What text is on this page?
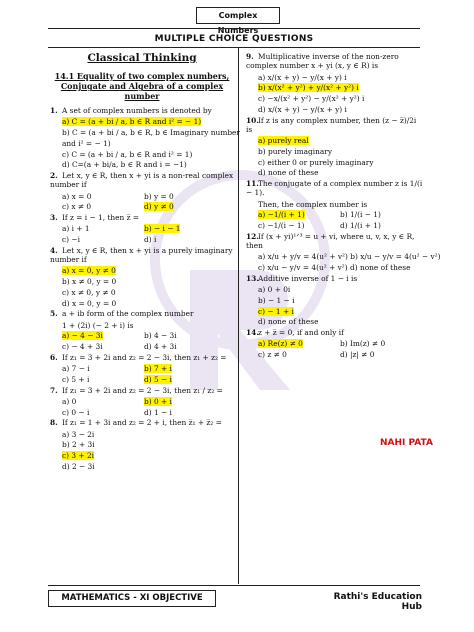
Complex Numbers
MULTIPLE CHOICE QUESTIONS
Classical Thinking
14.1 Equality of two complex numbers, Conjugate and Algebra of a complex number
1. A set of complex numbers is denoted by
a) C = (a + bi / a, b ∈ R and i² = − 1)
b) C = (a + bi / a, b ∈ R, b ∈ Imaginary number
and i² = − 1)
c) C = (a + bi / a, b ∈ R and i² = 1)
d) C=(a + bi/a, b ∈ R and i = −1)
2. Let x, y ∈ R, then x + yi is a non-real complex number if
a) x = 0	b) y = 0
c) x ≠ 0	d) y ≠ 0
3. If z = i − 1, then z̅ =
a) i + 1	b) − i − 1
c) −i	d) i
4. Let x, y ∈ R, then x + yi is a purely imaginary number if
a) x = 0, y ≠ 0
b) x ≠ 0, y = 0
c) x ≠ 0, y ≠ 0
d) x = 0, y = 0
5. a + ib form of the complex number
1 + (2i) (− 2 + i) is
a) − 4 − 3i	b) 4 − 3i
c) − 4 + 3i	d) 4 + 3i
6. If z₁ = 3 + 2i and z₂ = 2 − 3i, then z₁ + z₂ =
a) 7 − i	b) 7 + i
c) 5 + i	d) 5 − i
7. If z₁ = 3 + 2i and z₂ = 2 − 3i, then z₁ / z₂ =
a) 0	b) 0 + i
c) 0 − i	d) 1 − i
8. If z₁ = 1 + 3i and z₂ = 2 + i, then z̅₁ + z̅₂ =
a) 3 − 2i
b) 2 + 3i
c) 3 + 2i
d) 2 − 3i
9. Multiplicative inverse of the non-zero complex number x + yi (x, y ∈ R) is
a) x/(x + y) − y/(x + y) i
b) x/(x² + y²) + y/(x² + y²) i
c) −x/(x² + y²) − y/(x² + y²) i
d) x/(x + y) − y/(x + y) i
10.If z is any complex number, then (z − z̅)/2i is
a) purely real
b) purely imaginary
c) either 0 or purely imaginary
d) none of these
11.The conjugate of a complex number z is 1/(i − 1).
Then, the complex number is
a) −1/(i + 1)	b) 1/(i − 1)
c) −1/(i − 1)	d) 1/(i + 1)
12.If (x + yi)¹ᐟ³ = u + vi, where u, v, x, y ∈ R, then
a) x/u + y/v = 4(u² + v²) b) x/u − y/v = 4(u² − v²)
c) x/u − y/v = 4(u² + v²) d) none of these
13.Additive inverse of 1 − i is
a) 0 + 0i
b) − 1 − i
c) − 1 + i
d) none of these
14.z + z̅ = 0, if and only if
a) Re(z) ≠ 0	b) Im(z) ≠ 0
c) z ≠ 0	d) |z| ≠ 0
NAHI PATA
MATHEMATICS - XI OBJECTIVE	Rathi's Education Hub
